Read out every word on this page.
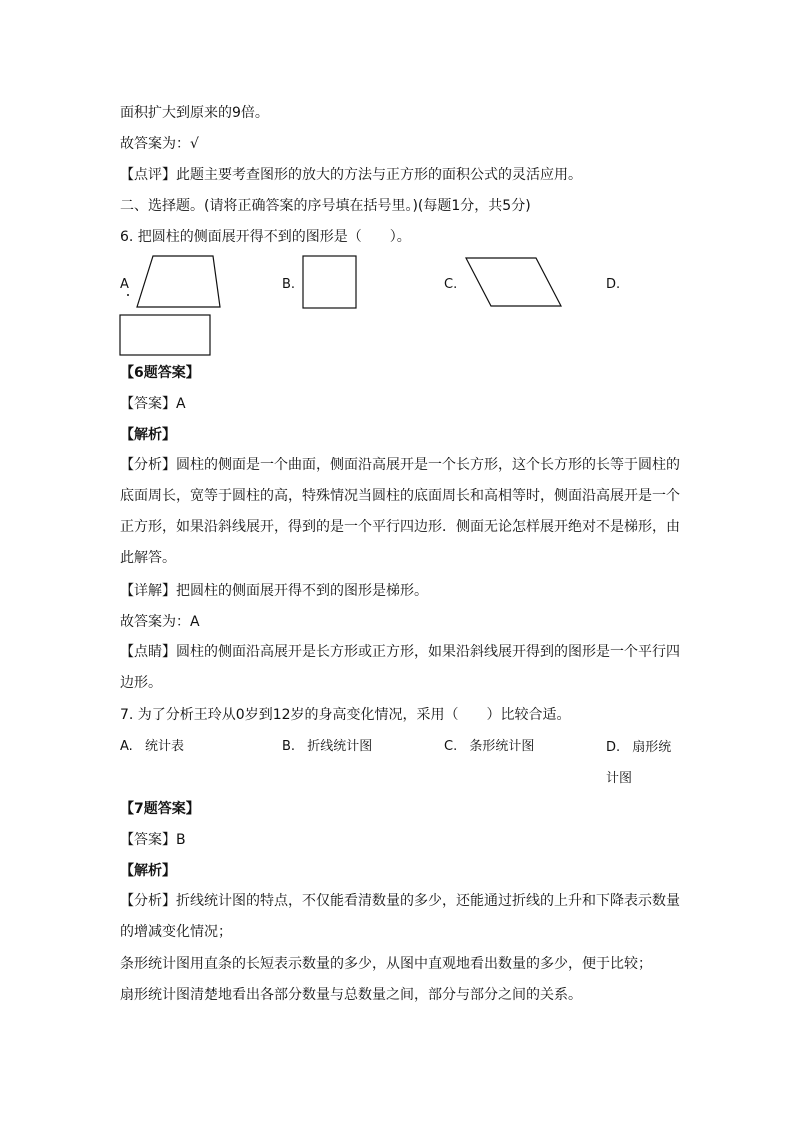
面积扩大到原来的9倍。
故答案为：√
【点评】此题主要考查图形的放大的方法与正方形的面积公式的灵活应用。
二、选择题。(请将正确答案的序号填在括号里。)(每题1分，共5分)
6. 把圆柱的侧面展开得不到的图形是（　　）。
A	B.	C.	D.
【6题答案】
【答案】A
【解析】
【分析】圆柱的侧面是一个曲面，侧面沿高展开是一个长方形，这个长方形的长等于圆柱的底面周长，宽等于圆柱的高，特殊情况当圆柱的底面周长和高相等时，侧面沿高展开是一个正方形，如果沿斜线展开，得到的是一个平行四边形．侧面无论怎样展开绝对不是梯形，由此解答。
【详解】把圆柱的侧面展开得不到的图形是梯形。
故答案为：A
【点睛】圆柱的侧面沿高展开是长方形或正方形，如果沿斜线展开得到的图形是一个平行四边形。
7. 为了分析王玲从0岁到12岁的身高变化情况，采用（　　）比较合适。
A. 统计表	B. 折线统计图	C. 条形统计图	D. 扇形统计图
【7题答案】
【答案】B
【解析】
【分析】折线统计图的特点，不仅能看清数量的多少，还能通过折线的上升和下降表示数量的增减变化情况；
条形统计图用直条的长短表示数量的多少，从图中直观地看出数量的多少，便于比较；
扇形统计图清楚地看出各部分数量与总数量之间，部分与部分之间的关系。
